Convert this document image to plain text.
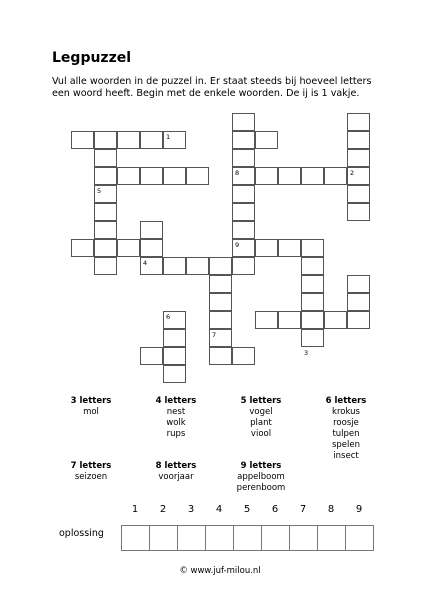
Legpuzzel

Vul alle woorden in de puzzel in. Er staat steeds bij hoeveel letters een woord heeft. Begin met de enkele woorden. De ij is 1 vakje.

1
2
3
4
5
6
7
8
9
3 letters
mol
4 letters
nest
wolk
rups
5 letters
vogel
plant
viool
6 letters
krokus
roosje
tulpen
spelen
insect
7 letters
seizoen
8 letters
voorjaar
9 letters
appelboom
perenboom
oplossing
1	2	3	4	5	6	7	8	9
© www.juf-milou.nl
